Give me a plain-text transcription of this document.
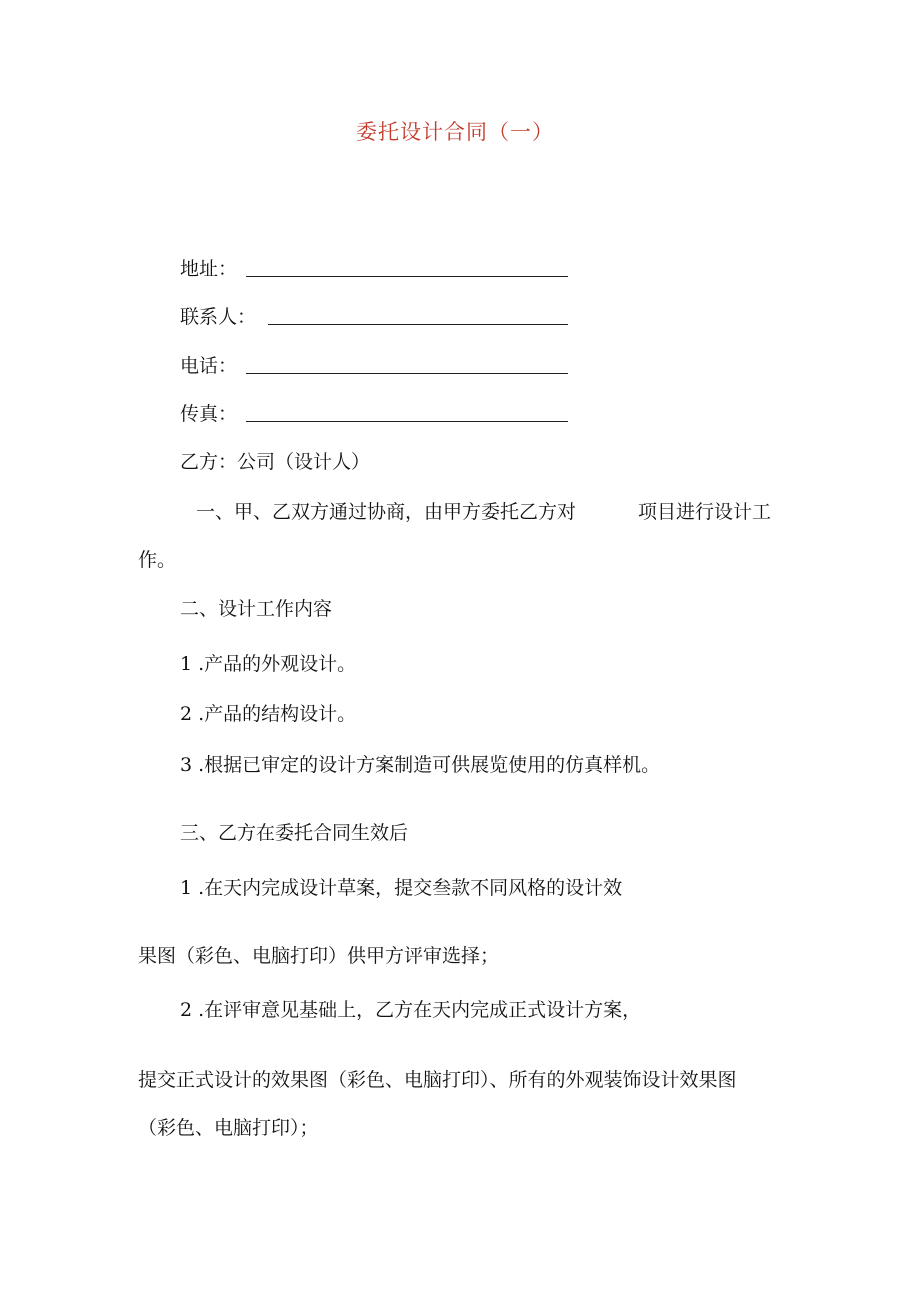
委托设计合同（一）
地址：
联系人：
电话：
传真：
乙方：公司（设计人）
一、甲、乙双方通过协商，由甲方委托乙方对	项目进行设计工
作。
二、设计工作内容
1 .产品的外观设计。
2 .产品的结构设计。
3 .根据已审定的设计方案制造可供展览使用的仿真样机。
三、乙方在委托合同生效后
1 .在天内完成设计草案，提交叁款不同风格的设计效
果图（彩色、电脑打印）供甲方评审选择；
2 .在评审意见基础上，乙方在天内完成正式设计方案，
提交正式设计的效果图（彩色、电脑打印）、所有的外观装饰设计效果图
（彩色、电脑打印）；
